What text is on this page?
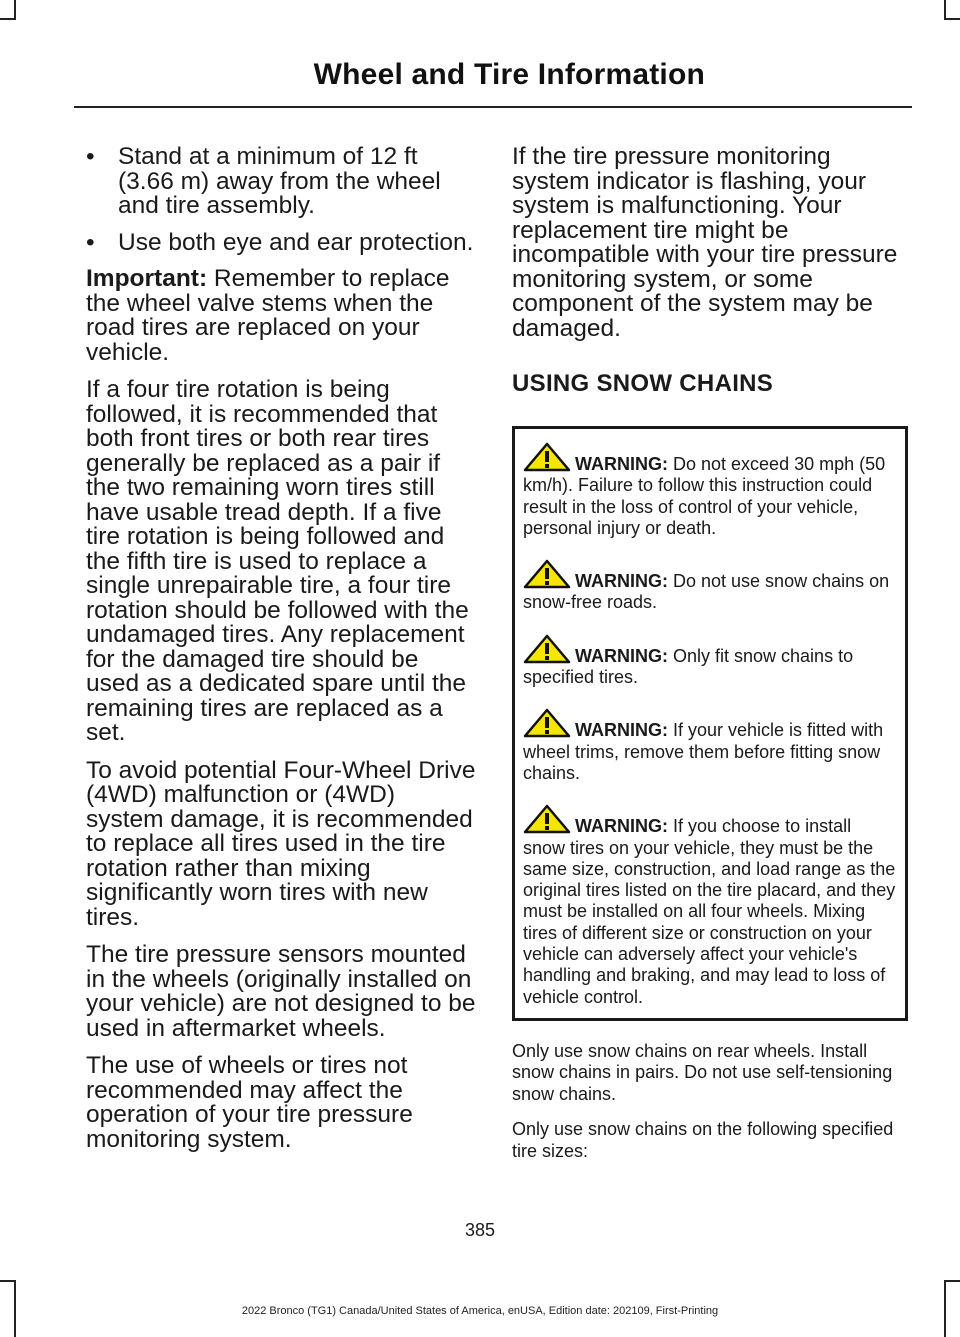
Wheel and Tire Information
• Stand at a minimum of 12 ft (3.66 m) away from the wheel and tire assembly.
• Use both eye and ear protection.

Important: Remember to replace the wheel valve stems when the road tires are replaced on your vehicle.

If a four tire rotation is being followed, it is recommended that both front tires or both rear tires generally be replaced as a pair if the two remaining worn tires still have usable tread depth. If a five tire rotation is being followed and the fifth tire is used to replace a single unrepairable tire, a four tire rotation should be followed with the undamaged tires. Any replacement for the damaged tire should be used as a dedicated spare until the remaining tires are replaced as a set.

To avoid potential Four-Wheel Drive (4WD) malfunction or (4WD) system damage, it is recommended to replace all tires used in the tire rotation rather than mixing significantly worn tires with new tires.

The tire pressure sensors mounted in the wheels (originally installed on your vehicle) are not designed to be used in aftermarket wheels.

The use of wheels or tires not recommended may affect the operation of your tire pressure monitoring system.

If the tire pressure monitoring system indicator is flashing, your system is malfunctioning. Your replacement tire might be incompatible with your tire pressure monitoring system, or some component of the system may be damaged.

USING SNOW CHAINS
WARNING: Do not exceed 30 mph (50 km/h). Failure to follow this instruction could result in the loss of control of your vehicle, personal injury or death.
WARNING: Do not use snow chains on snow-free roads.
WARNING: Only fit snow chains to specified tires.
WARNING: If your vehicle is fitted with wheel trims, remove them before fitting snow chains.
WARNING: If you choose to install snow tires on your vehicle, they must be the same size, construction, and load range as the original tires listed on the tire placard, and they must be installed on all four wheels. Mixing tires of different size or construction on your vehicle can adversely affect your vehicle's handling and braking, and may lead to loss of vehicle control.

Only use snow chains on rear wheels. Install snow chains in pairs. Do not use self-tensioning snow chains.

Only use snow chains on the following specified tire sizes:

385
2022 Bronco (TG1) Canada/United States of America, enUSA, Edition date: 202109, First-Printing
